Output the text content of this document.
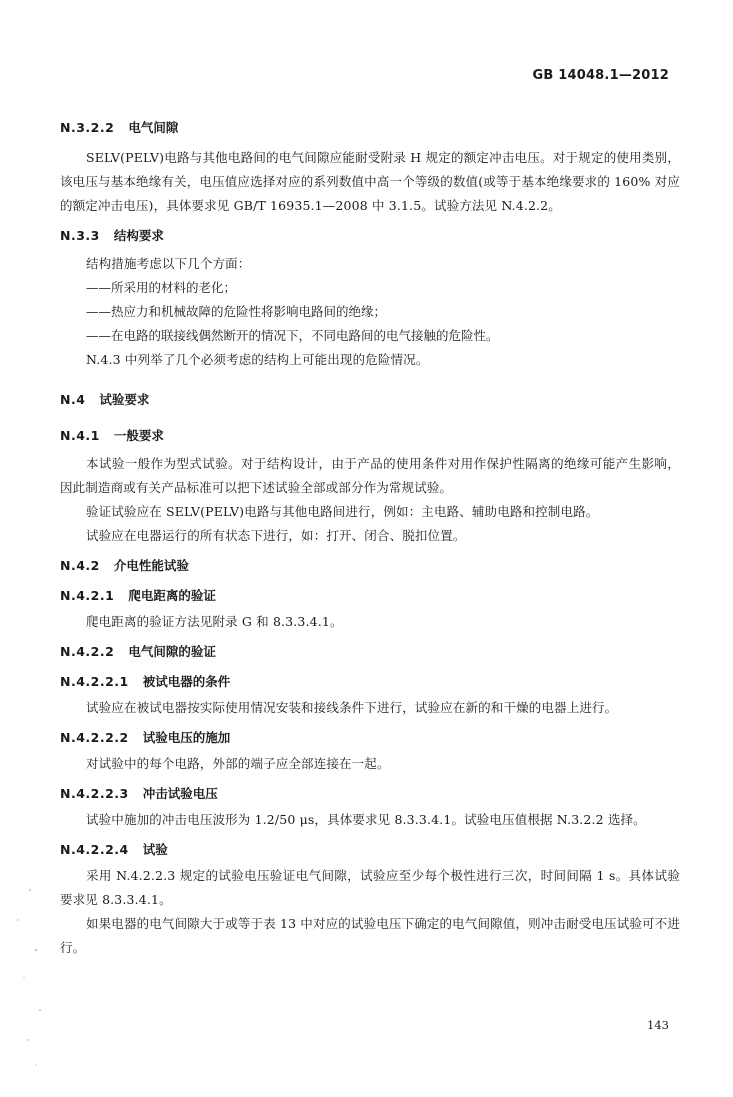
GB 14048.1—2012
N.3.2.2 电气间隙

SELV(PELV)电路与其他电路间的电气间隙应能耐受附录 H 规定的额定冲击电压。对于规定的使用类别，该电压与基本绝缘有关，电压值应选择对应的系列数值中高一个等级的数值(或等于基本绝缘要求的 160% 对应的额定冲击电压)，具体要求见 GB/T 16935.1—2008 中 3.1.5。试验方法见 N.4.2.2。

N.3.3 结构要求

结构措施考虑以下几个方面：

——所采用的材料的老化；

——热应力和机械故障的危险性将影响电路间的绝缘；

——在电路的联接线偶然断开的情况下，不同电路间的电气接触的危险性。

N.4.3 中列举了几个必须考虑的结构上可能出现的危险情况。

N.4 试验要求
N.4.1 一般要求

本试验一般作为型式试验。对于结构设计，由于产品的使用条件对用作保护性隔离的绝缘可能产生影响，因此制造商或有关产品标准可以把下述试验全部或部分作为常规试验。

验证试验应在 SELV(PELV)电路与其他电路间进行，例如：主电路、辅助电路和控制电路。

试验应在电器运行的所有状态下进行，如：打开、闭合、脱扣位置。

N.4.2 介电性能试验
N.4.2.1 爬电距离的验证

爬电距离的验证方法见附录 G 和 8.3.3.4.1。

N.4.2.2 电气间隙的验证
N.4.2.2.1 被试电器的条件

试验应在被试电器按实际使用情况安装和接线条件下进行，试验应在新的和干燥的电器上进行。

N.4.2.2.2 试验电压的施加

对试验中的每个电路，外部的端子应全部连接在一起。

N.4.2.2.3 冲击试验电压

试验中施加的冲击电压波形为 1.2/50 μs，具体要求见 8.3.3.4.1。试验电压值根据 N.3.2.2 选择。

N.4.2.2.4 试验

采用 N.4.2.2.3 规定的试验电压验证电气间隙，试验应至少每个极性进行三次，时间间隔 1 s。具体试验要求见 8.3.3.4.1。

如果电器的电气间隙大于或等于表 13 中对应的试验电压下确定的电气间隙值，则冲击耐受电压试验可不进行。

143
